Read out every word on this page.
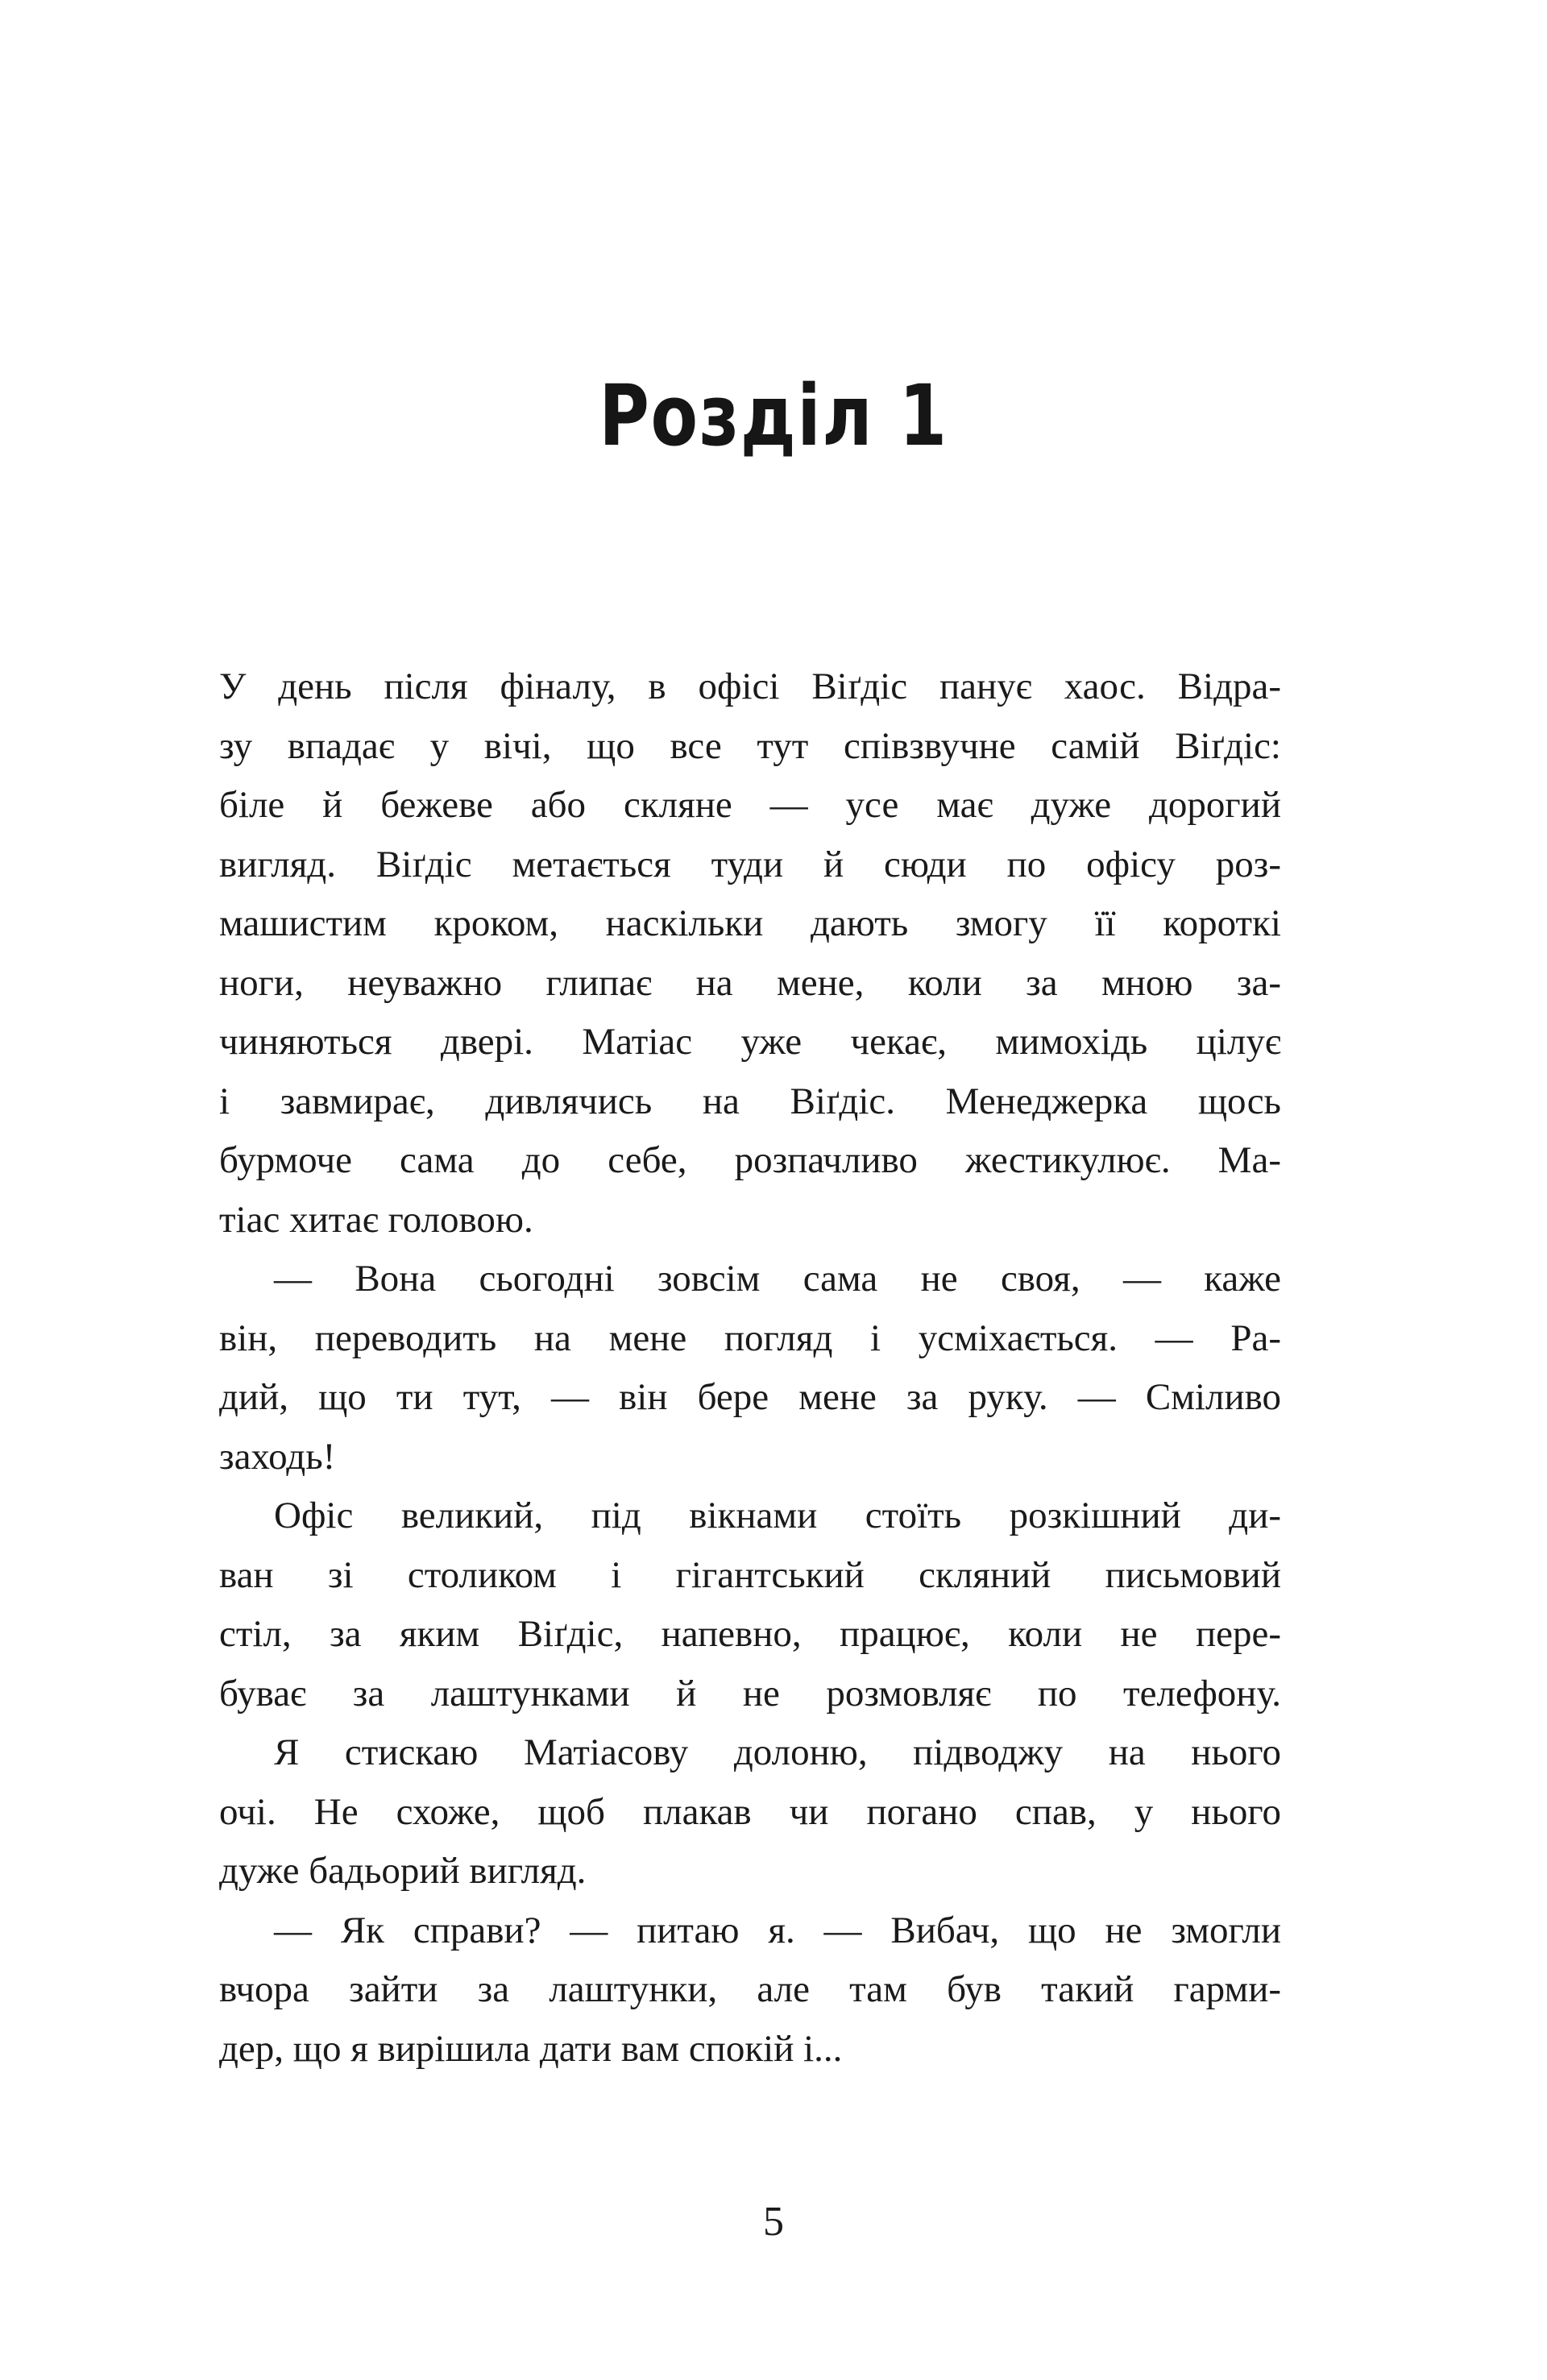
Розділ 1
У день після фіналу, в офісі Віґдіс панує хаос. Відра-
зу впадає у вічі, що все тут співзвучне самій Віґдіс:
біле й бежеве або скляне — усе має дуже дорогий
вигляд. Віґдіс метається туди й сюди по офісу роз-
машистим кроком, наскільки дають змогу її короткі
ноги, неуважно глипає на мене, коли за мною за-
чиняються двері. Матіас уже чекає, мимохідь цілує
і завмирає, дивлячись на Віґдіс. Менеджерка щось
бурмоче сама до себе, розпачливо жестикулює. Ма-
тіас хитає головою.
— Вона сьогодні зовсім сама не своя, — каже
він, переводить на мене погляд і усміхається. — Ра-
дий, що ти тут, — він бере мене за руку. — Сміливо
заходь!
Офіс великий, під вікнами стоїть розкішний ди-
ван зі столиком і гігантський скляний письмовий
стіл, за яким Віґдіс, напевно, працює, коли не пере-
буває за лаштунками й не розмовляє по телефону.
Я стискаю Матіасову долоню, підводжу на нього
очі. Не схоже, щоб плакав чи погано спав, у нього
дуже бадьорий вигляд.
— Як справи? — питаю я. — Вибач, що не змогли
вчора зайти за лаштунки, але там був такий гарми-
дер, що я вирішила дати вам спокій і...
5
